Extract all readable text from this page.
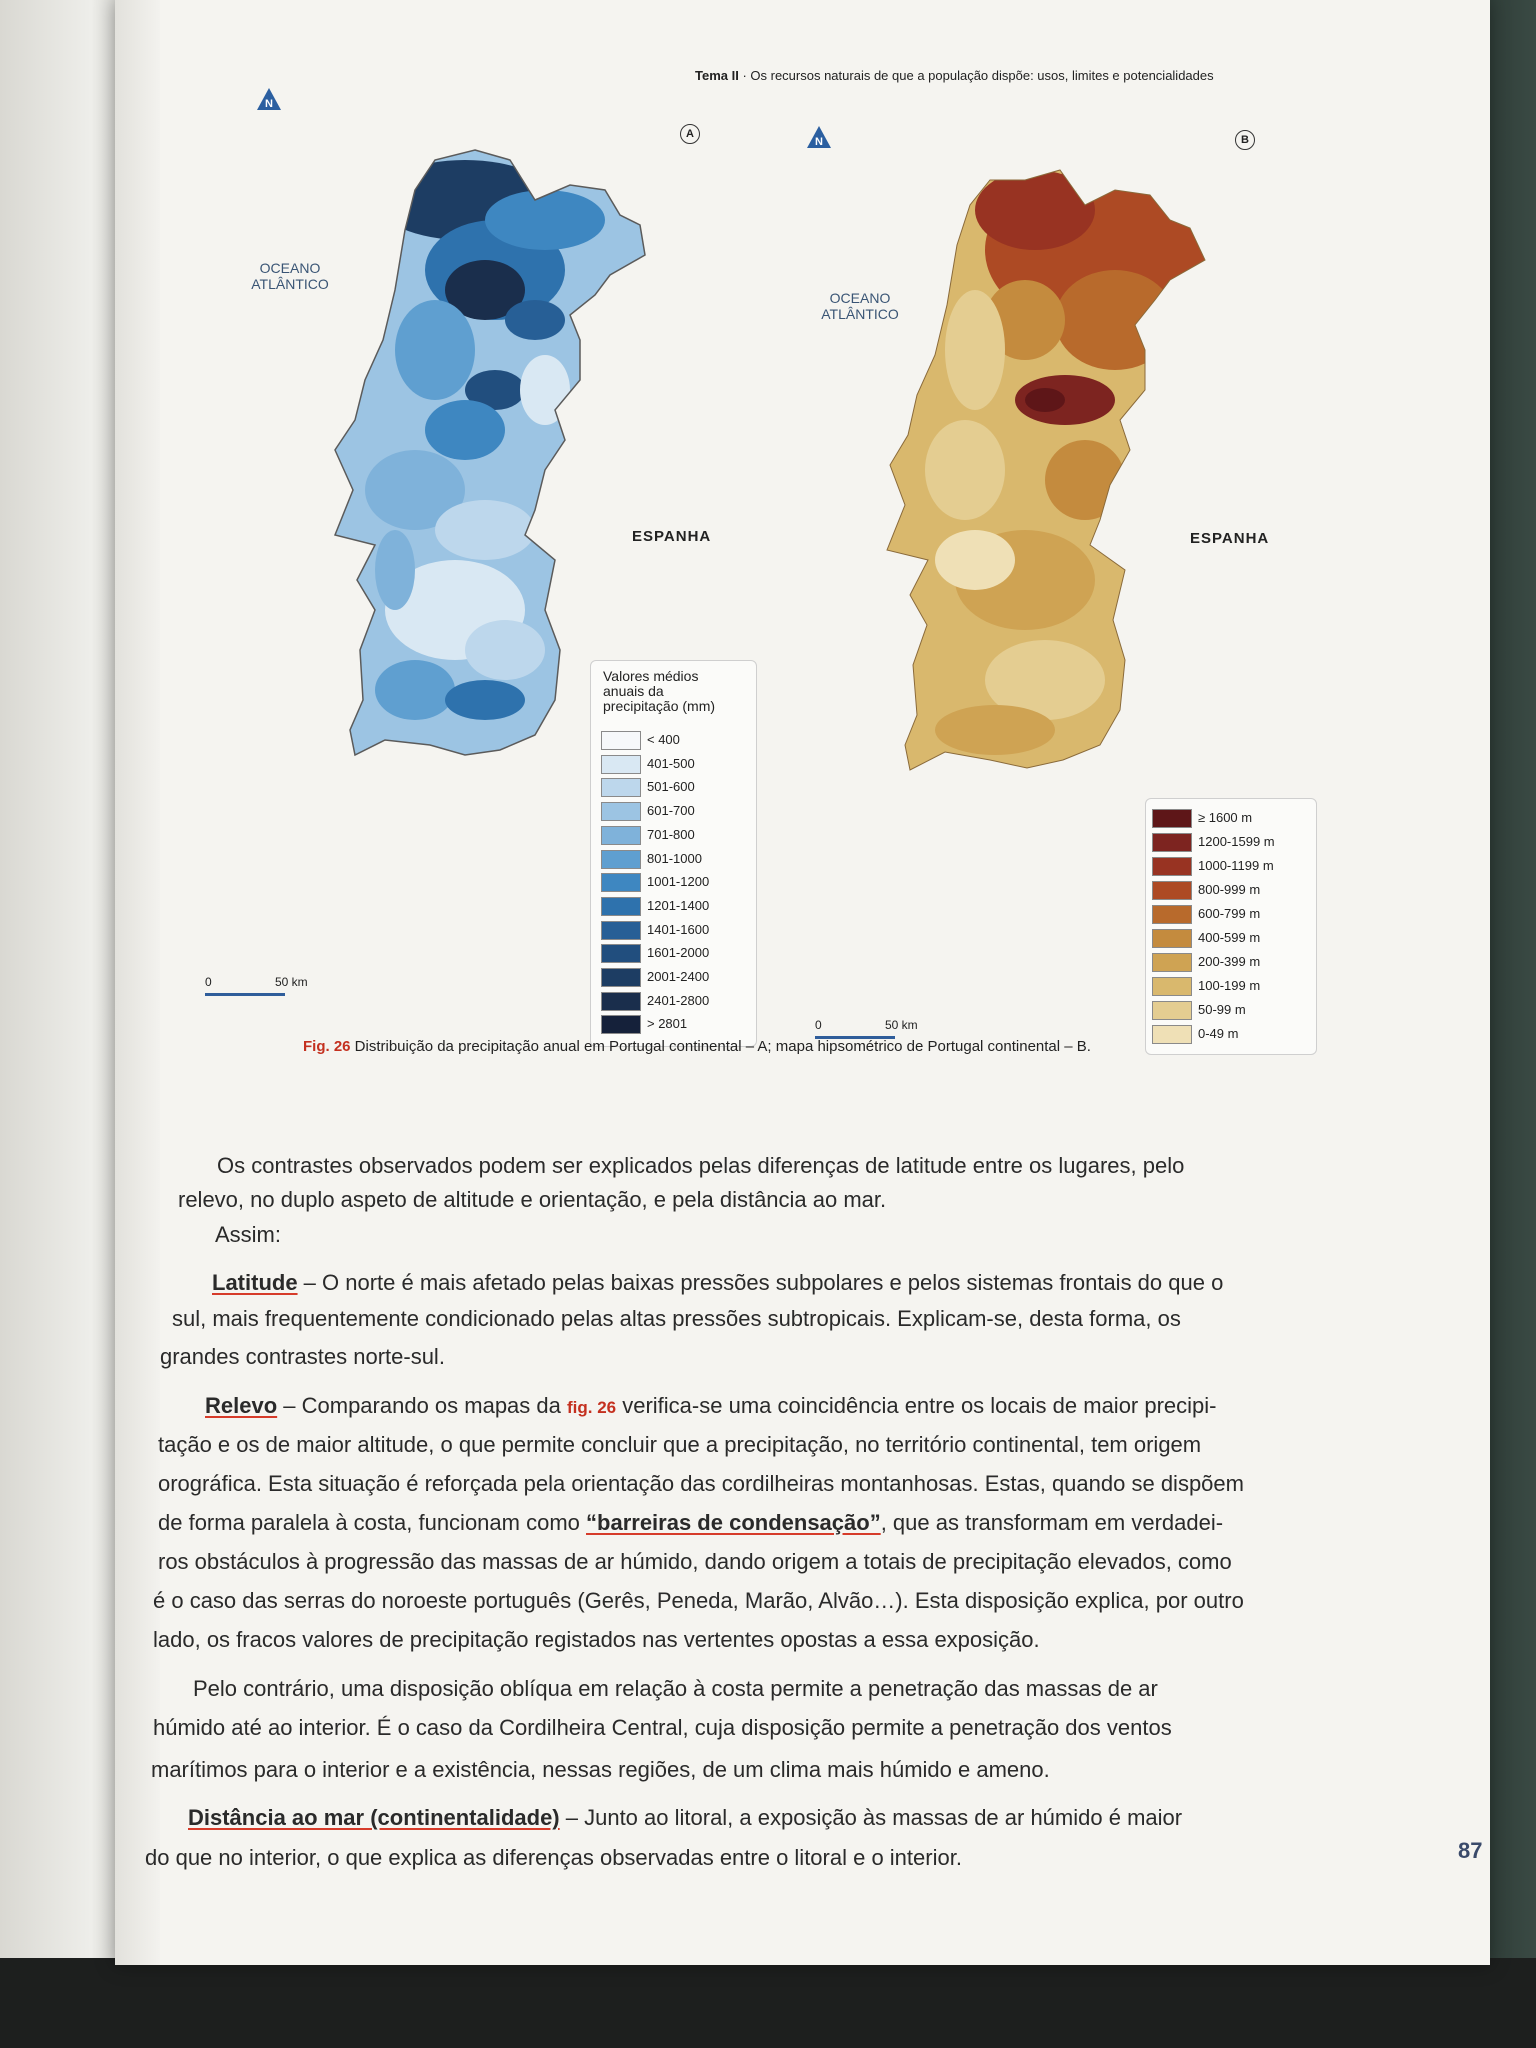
Tema II · Os recursos naturais de que a população dispõe: usos, limites e potencialidades
N
A
OCEANO ATLÂNTICO
ESPANHA
Valores médios anuais da precipitação (mm)
< 400
401-500
501-600
601-700
701-800
801-1000
1001-1200
1201-1400
1401-1600
1601-2000
2001-2400
2401-2800
> 2801
0	50 km
N	B
OCEANO ATLÂNTICO
ESPANHA
≥ 1600 m
1200-1599 m
1000-1199 m
800-999 m
600-799 m
400-599 m
200-399 m
100-199 m
50-99 m
0-49 m
0	50 km
Fig. 26 Distribuição da precipitação anual em Portugal continental – A; mapa hipsométrico de Portugal continental – B.
Os contrastes observados podem ser explicados pelas diferenças de latitude entre os lugares, pelo
relevo, no duplo aspeto de altitude e orientação, e pela distância ao mar.
Assim:
Latitude – O norte é mais afetado pelas baixas pressões subpolares e pelos sistemas frontais do que o
sul, mais frequentemente condicionado pelas altas pressões subtropicais. Explicam-se, desta forma, os
grandes contrastes norte-sul.
Relevo – Comparando os mapas da fig. 26 verifica-se uma coincidência entre os locais de maior precipi-
tação e os de maior altitude, o que permite concluir que a precipitação, no território continental, tem origem
orográfica. Esta situação é reforçada pela orientação das cordilheiras montanhosas. Estas, quando se dispõem
de forma paralela à costa, funcionam como “barreiras de condensação”, que as transformam em verdadei-
ros obstáculos à progressão das massas de ar húmido, dando origem a totais de precipitação elevados, como
é o caso das serras do noroeste português (Gerês, Peneda, Marão, Alvão…). Esta disposição explica, por outro
lado, os fracos valores de precipitação registados nas vertentes opostas a essa exposição.
Pelo contrário, uma disposição oblíqua em relação à costa permite a penetração das massas de ar
húmido até ao interior. É o caso da Cordilheira Central, cuja disposição permite a penetração dos ventos
marítimos para o interior e a existência, nessas regiões, de um clima mais húmido e ameno.
Distância ao mar (continentalidade) – Junto ao litoral, a exposição às massas de ar húmido é maior
do que no interior, o que explica as diferenças observadas entre o litoral e o interior.	87
